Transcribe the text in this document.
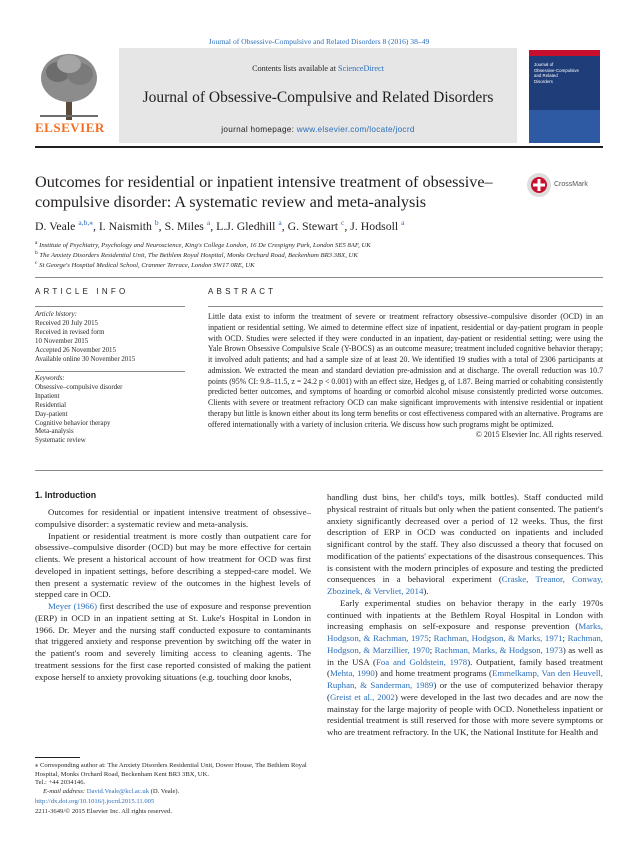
Journal of Obsessive-Compulsive and Related Disorders 8 (2016) 38–49
ELSEVIER
Contents lists available at ScienceDirect
Journal of Obsessive-Compulsive and Related Disorders
journal homepage: www.elsevier.com/locate/jocrd
Journal of
Obsessive-Compulsive
and Related
Disorders
Outcomes for residential or inpatient intensive treatment of obsessive–compulsive disorder: A systematic review and meta-analysis
CrossMark
D. Veale $^{a,b,⁎}$, I. Naismith $^b$, S. Miles $^a$, L.J. Gledhill $^a$, G. Stewart $^c$, J. Hodsoll $^a$
$^a$ Institute of Psychiatry, Psychology and Neuroscience, King's College London, 16 De Crespigny Park, London SE5 8AF, UK
$^b$ The Anxiety Disorders Residential Unit, The Bethlem Royal Hospital, Monks Orchard Road, Beckenham BR3 3BX, UK
$^c$ St George's Hospital Medical School, Cranmer Terrace, London SW17 0RE, UK
ARTICLE INFO	ABSTRACT
Article history:
Received 20 July 2015
Received in revised form
10 November 2015
Accepted 26 November 2015
Available online 30 November 2015
Keywords:
Obsessive–compulsive disorder
Inpatient
Residential
Day-patient
Cognitive behavior therapy
Meta-analysis
Systematic review
Little data exist to inform the treatment of severe or treatment refractory obsessive–compulsive disorder (OCD) in an inpatient or residential setting. We aimed to determine effect size of inpatient, residential or day-patient program in people with OCD. Studies were selected if they were conducted in an inpatient, day-patient or residential setting; were using the Yale Brown Obsessive Compulsive Scale (Y-BOCS) as an outcome measure; treatment included cognitive behavior therapy; it involved adult patients; and had a sample size of at least 20. We identified 19 studies with a total of 2306 participants at admission. We extracted the mean and standard deviation pre-admission and at discharge. The overall reduction was 10.7 points (95% CI: 9.8–11.5, z = 24.2 p < 0.001) with an effect size, Hedges g, of 1.87. Being married or cohabiting consistently predicted better outcomes, and symptoms of hoarding or comorbid alcohol misuse consistently predicted worse outcomes. Clients with severe or treatment refractory OCD can make significant improvements with intensive residential or inpatient therapy but little is known either about its long term benefits or cost effectiveness compared with an alternative. Programs are offered internationally with a variety of inclusion criteria. We discuss how such programs might be optimized.
© 2015 Elsevier Inc. All rights reserved.
1. Introduction

Outcomes for residential or inpatient intensive treatment of obsessive–compulsive disorder: a systematic review and meta-analysis.

Inpatient or residential treatment is more costly than outpatient care for obsessive–compulsive disorder (OCD) but may be more effective for certain clients. We present a historical account of how treatment for OCD was first developed in inpatient settings, before describing a stepped-care model. We then present a systematic review of the outcomes in the highest levels of stepped care in OCD.

Meyer (1966) first described the use of exposure and response prevention (ERP) in OCD in an inpatient setting at St. Luke's Hospital in London in 1966. Dr. Meyer and the nursing staff conducted exposure to contaminants that triggered anxiety and response prevention by switching off the water in the patient's room and severely limiting access to cleaning agents. The treatment sessions for the first case reported consisted of making the patient expose herself to anxiety provoking situations (e.g. touching door knobs,

handling dust bins, her child's toys, milk bottles). Staff conducted mild physical restraint of rituals but only when the patient consented. The patient's anxiety significantly decreased over a period of 12 weeks. Thus, the first description of ERP in OCD was conducted on inpatients and included significant control by the staff. They also discussed a theory that focused on modification of the patients' expectations of the disastrous consequences. This is consistent with the modern principles of exposure and testing the predicted consequences in a behavioral experiment (Craske, Treanor, Conway, Zbozinek, & Vervliet, 2014).

Early experimental studies on behavior therapy in the early 1970s continued with inpatients at the Bethlem Royal Hospital in London with increasing emphasis on self-exposure and response prevention (Marks, Hodgson, & Rachman, 1975; Rachman, Hodgson, & Marks, 1971; Rachman, Hodgson, & Marzillier, 1970; Rachman, Marks, & Hodgson, 1973) as well as in the USA (Foa and Goldstein, 1978). Outpatient, family based treatment (Mehta, 1990) and home treatment programs (Emmelkamp, Van den Heuvell, Ruphan, & Sanderman, 1989) or the use of computerized behavior therapy (Greist et al., 2002) were developed in the last two decades and are now the mainstay for the large majority of people with OCD. Nonetheless inpatient or residential treatment is still reserved for those with more severe symptoms or who are treatment refractory. In the UK, the National Institute for Health and

⁎ Corresponding author at: The Anxiety Disorders Residential Unit, Dower House, The Bethlem Royal Hospital, Monks Orchard Road, Beckenham Kent BR3 3BX, UK.
Tel.: +44 2034146.
E-mail address: David.Veale@kcl.ac.uk (D. Veale).
http://dx.doi.org/10.1016/j.jocrd.2015.11.005
2211-3649/© 2015 Elsevier Inc. All rights reserved.
